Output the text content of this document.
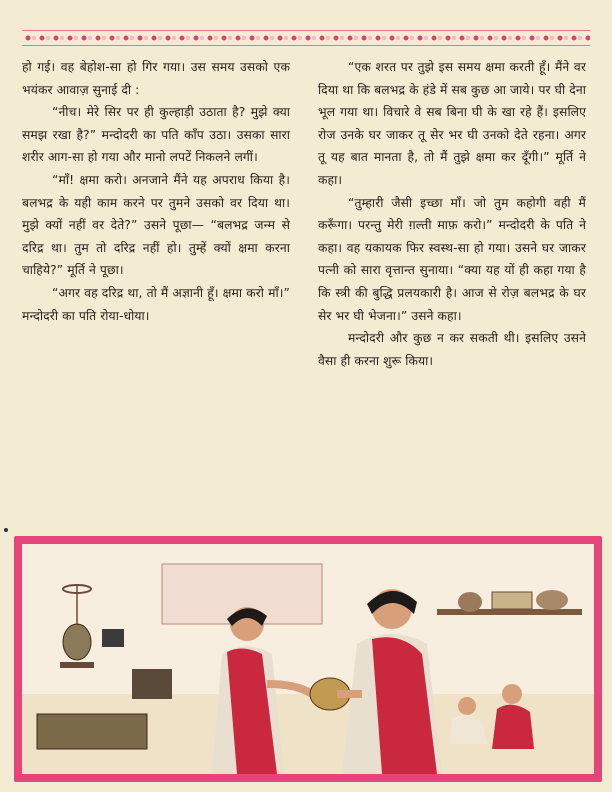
हो गई। वह बेहोश-सा हो गिर गया। उस समय उसको एक भयंकर आवाज़ सुनाई दी :

“नीच। मेरे सिर पर ही कुल्हाड़ी उठाता है? मुझे क्या समझ रखा है?” मन्दोदरी का पति काँप उठा। उसका सारा शरीर आग-सा हो गया और मानो लपटें निकलने लगीं।

“माँ! क्षमा करो। अनजाने मैंने यह अपराध किया है। बलभद्र के यही काम करने पर तुमने उसको वर दिया था। मुझे क्यों नहीं वर देते?” उसने पूछा— “बलभद्र जन्म से दरिद्र था। तुम तो दरिद्र नहीं हो। तुम्हें क्यों क्षमा करना चाहिये?” मूर्ति ने पूछा।

“अगर वह दरिद्र था, तो मैं अज्ञानी हूँ। क्षमा करो माँ।” मन्दोदरी का पति रोया-धोया।

“एक शरत पर तुझे इस समय क्षमा करती हूँ। मैंने वर दिया था कि बलभद्र के हंडे में सब कुछ आ जाये। पर घी देना भूल गया था। विचारे वे सब बिना घी के खा रहे हैं। इसलिए रोज उनके घर जाकर तू सेर भर घी उनको देते रहना। अगर तू यह बात मानता है, तो मैं तुझे क्षमा कर दूँगी।” मूर्ति ने कहा।

“तुम्हारी जैसी इच्छा माँ। जो तुम कहोगी वही मैं करूँगा। परन्तु मेरी ग़ल्ती माफ़ करो।” मन्दोदरी के पति ने कहा। वह यकायक फिर स्वस्थ-सा हो गया। उसने घर जाकर पत्नी को सारा वृत्तान्त सुनाया। “क्या यह यों ही कहा गया है कि स्त्री की बुद्धि प्रलयकारी है। आज से रोज़ बलभद्र के घर सेर भर घी भेजना।” उसने कहा।

मन्दोदरी और कुछ न कर सकती थी। इसलिए उसने वैसा ही करना शुरू किया।
